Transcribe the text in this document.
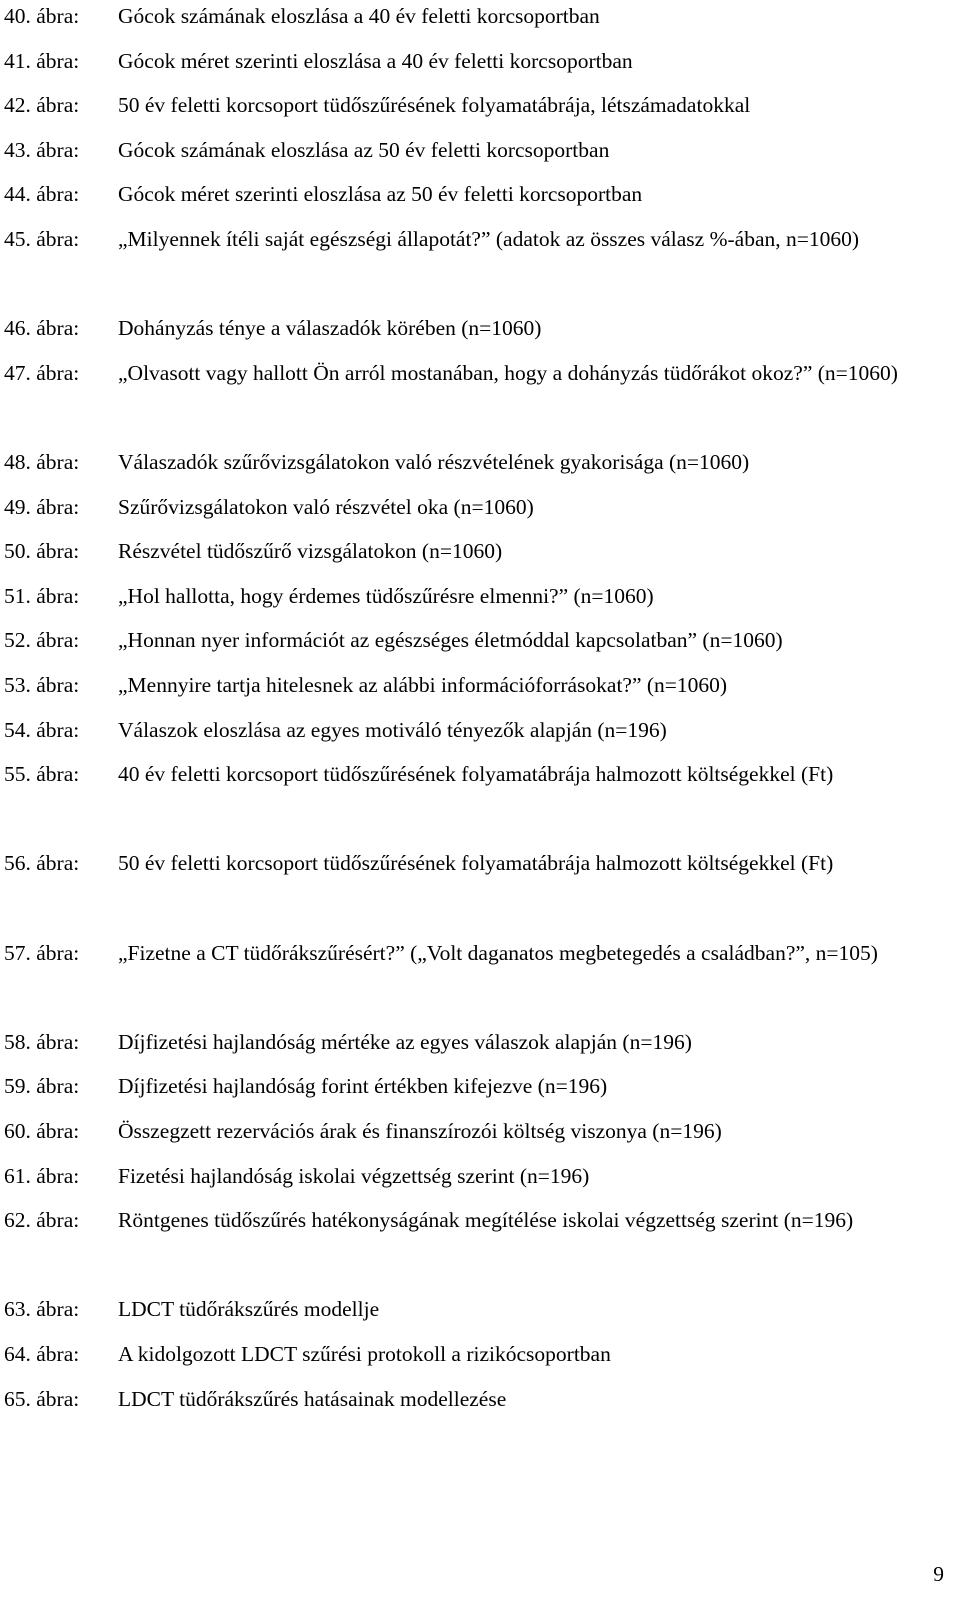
40. ábra: Gócok számának eloszlása a 40 év feletti korcsoportban
41. ábra: Gócok méret szerinti eloszlása a 40 év feletti korcsoportban
42. ábra: 50 év feletti korcsoport tüdőszűrésének folyamatábrája, létszámadatokkal
43. ábra: Gócok számának eloszlása az 50 év feletti korcsoportban
44. ábra: Gócok méret szerinti eloszlása az 50 év feletti korcsoportban
45. ábra: „Milyennek ítéli saját egészségi állapotát?” (adatok az összes válasz %-ában, n=1060)
46. ábra: Dohányzás ténye a válaszadók körében (n=1060)
47. ábra: „Olvasott vagy hallott Ön arról mostanában, hogy a dohányzás tüdőrákot okoz?” (n=1060)
48. ábra: Válaszadók szűrővizsgálatokon való részvételének gyakorisága (n=1060)
49. ábra: Szűrővizsgálatokon való részvétel oka (n=1060)
50. ábra: Részvétel tüdőszűrő vizsgálatokon (n=1060)
51. ábra: „Hol hallotta, hogy érdemes tüdőszűrésre elmenni?” (n=1060)
52. ábra: „Honnan nyer információt az egészséges életmóddal kapcsolatban” (n=1060)
53. ábra: „Mennyire tartja hitelesnek az alábbi információforrásokat?” (n=1060)
54. ábra: Válaszok eloszlása az egyes motiváló tényezők alapján (n=196)
55. ábra: 40 év feletti korcsoport tüdőszűrésének folyamatábrája halmozott költségekkel (Ft)
56. ábra: 50 év feletti korcsoport tüdőszűrésének folyamatábrája halmozott költségekkel (Ft)
57. ábra: „Fizetne a CT tüdőrákszűrésért?” („Volt daganatos megbetegedés a családban?”, n=105)
58. ábra: Díjfizetési hajlandóság mértéke az egyes válaszok alapján (n=196)
59. ábra: Díjfizetési hajlandóság forint értékben kifejezve (n=196)
60. ábra: Összegzett rezervációs árak és finanszírozói költség viszonya (n=196)
61. ábra: Fizetési hajlandóság iskolai végzettség szerint (n=196)
62. ábra: Röntgenes tüdőszűrés hatékonyságának megítélése iskolai végzettség szerint (n=196)
63. ábra: LDCT tüdőrákszűrés modellje
64. ábra: A kidolgozott LDCT szűrési protokoll a rizikócsoportban
65. ábra: LDCT tüdőrákszűrés hatásainak modellezése
9
